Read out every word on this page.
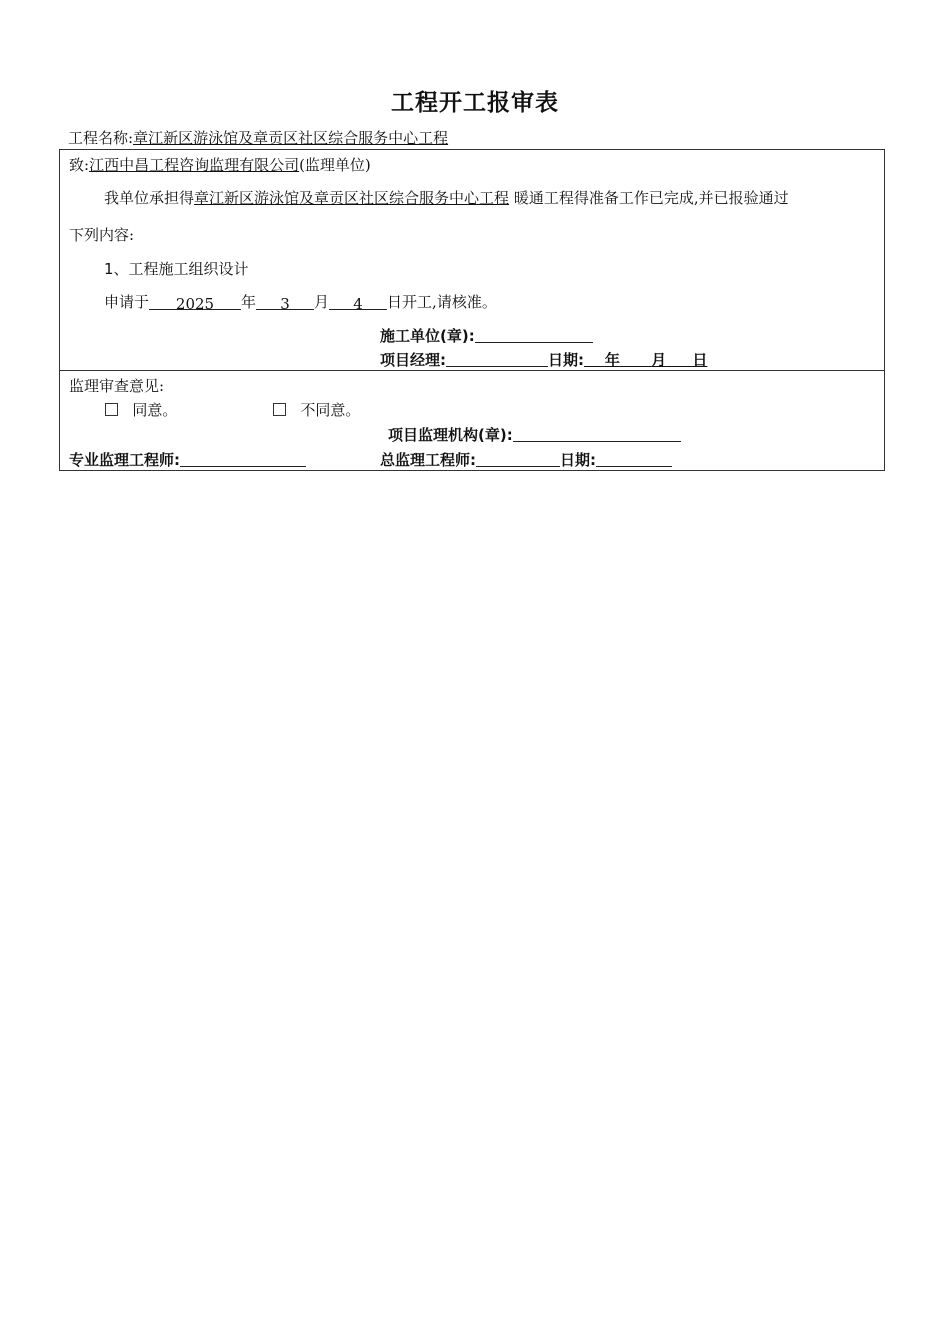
工程开工报审表
工程名称:章江新区游泳馆及章贡区社区综合服务中心工程
致:江西中昌工程咨询监理有限公司(监理单位)
我单位承担得章江新区游泳馆及章贡区社区综合服务中心工程 暖通工程得准备工作已完成,并已报验通过
下列内容:
1、工程施工组织设计
申请于 2025 年 3 月 4 日开工,请核准。
施工单位(章):
项目经理:	日期: 年 月 日
监理审查意见:
同意。	不同意。
项目监理机构(章):
专业监理工程师:	总监理工程师:	日期:
